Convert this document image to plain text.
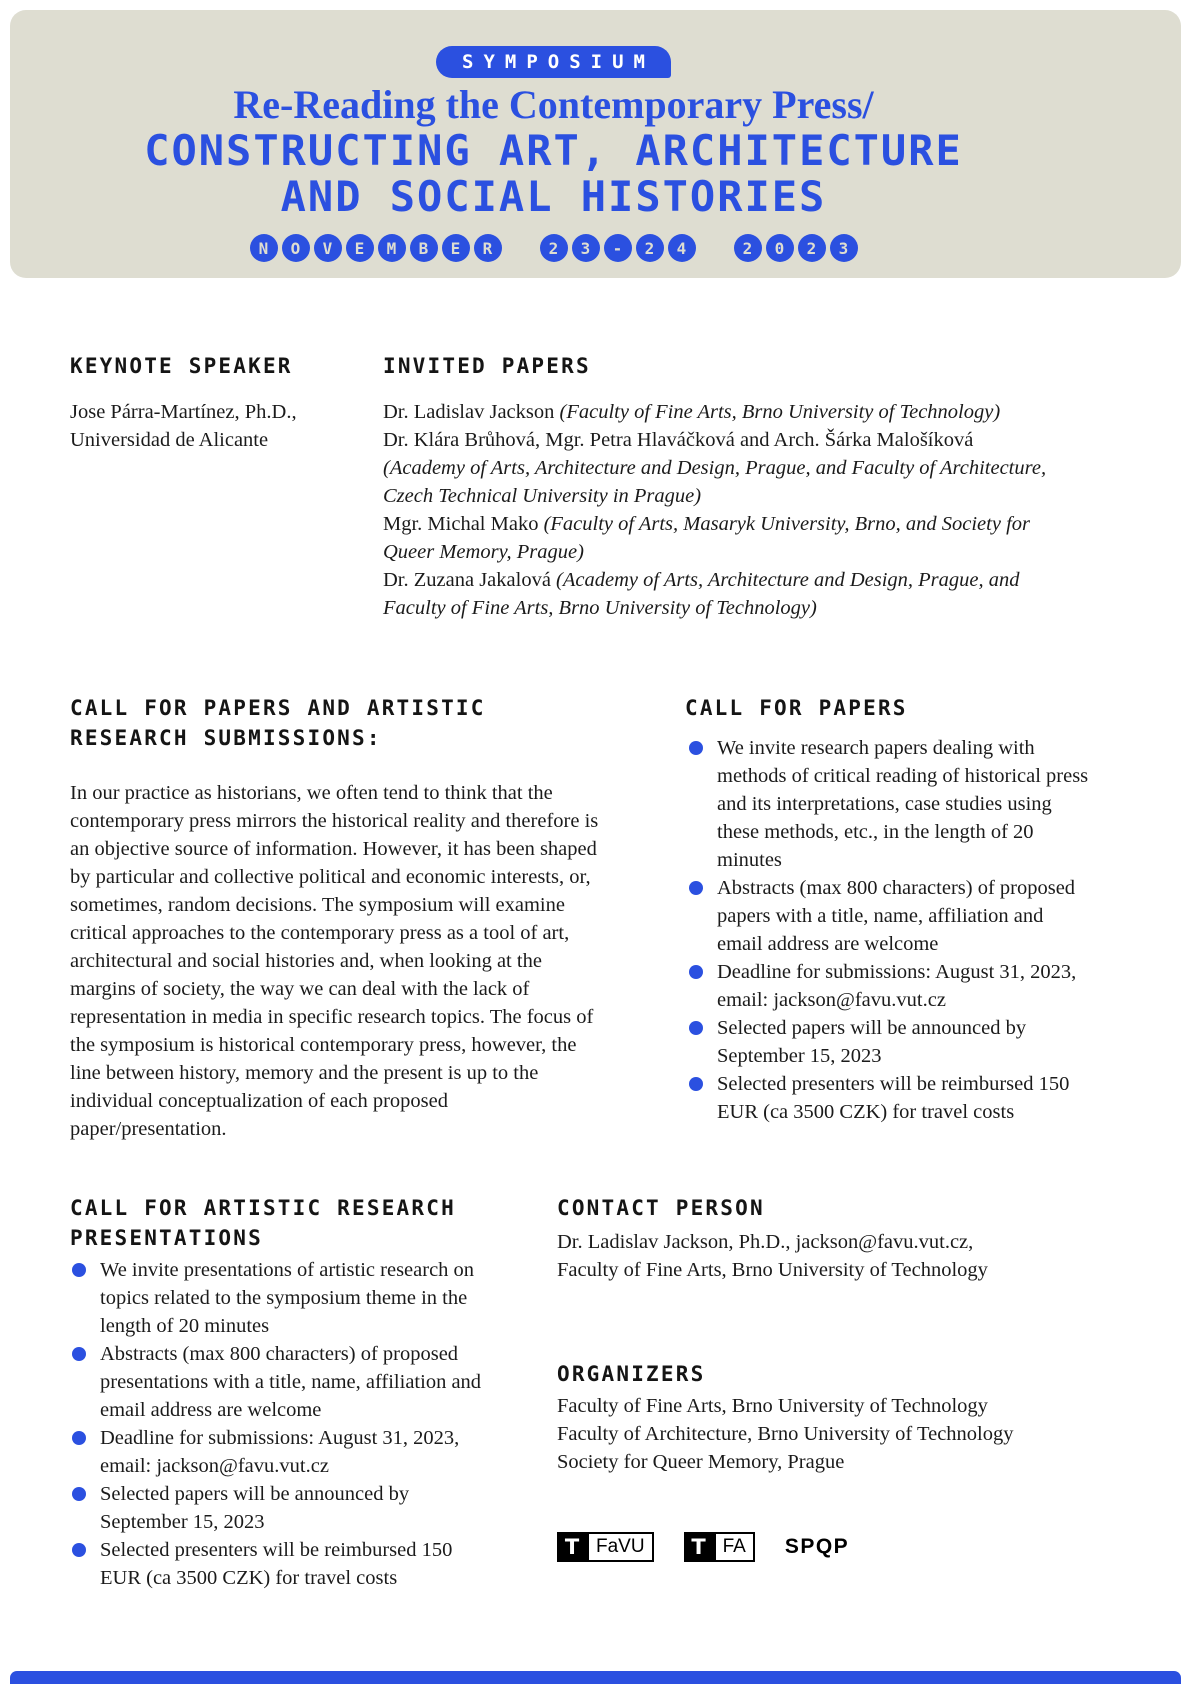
SYMPOSIUM
Re-Reading the Contemporary Press/
CONSTRUCTING ART, ARCHITECTURE
AND SOCIAL HISTORIES
N	O	V	E	M	B	E	R	2	3	-	2	4	2	0	2	3
KEYNOTE SPEAKER
Jose Párra-Martínez, Ph.D.,
Universidad de Alicante
INVITED PAPERS
Dr. Ladislav Jackson (Faculty of Fine Arts, Brno University of Technology)
Dr. Klára Brůhová, Mgr. Petra Hlaváčková and Arch. Šárka Malošíková (Academy of Arts, Architecture and Design, Prague, and Faculty of Architecture, Czech Technical University in Prague)
Mgr. Michal Mako (Faculty of Arts, Masaryk University, Brno, and Society for Queer Memory, Prague)
Dr. Zuzana Jakalová (Academy of Arts, Architecture and Design, Prague, and Faculty of Fine Arts, Brno University of Technology)
CALL FOR PAPERS AND ARTISTIC RESEARCH SUBMISSIONS:

In our practice as historians, we often tend to think that the contemporary press mirrors the historical reality and therefore is an objective source of information. However, it has been shaped by particular and collective political and economic interests, or, sometimes, random decisions. The symposium will examine critical approaches to the contemporary press as a tool of art, architectural and social histories and, when looking at the margins of society, the way we can deal with the lack of representation in media in specific research topics. The focus of the symposium is historical contemporary press, however, the line between history, memory and the present is up to the individual conceptualization of each proposed paper/presentation.

CALL FOR PAPERS
We invite research papers dealing with methods of critical reading of historical press and its interpretations, case studies using these methods, etc., in the length of 20 minutes
Abstracts (max 800 characters) of proposed papers with a title, name, affiliation and email address are welcome
Deadline for submissions: August 31, 2023, email: jackson@favu.vut.cz
Selected papers will be announced by September 15, 2023
Selected presenters will be reimbursed 150 EUR (ca 3500 CZK) for travel costs
CALL FOR ARTISTIC RESEARCH PRESENTATIONS
We invite presentations of artistic research on topics related to the symposium theme in the length of 20 minutes
Abstracts (max 800 characters) of proposed presentations with a title, name, affiliation and email address are welcome
Deadline for submissions: August 31, 2023, email: jackson@favu.vut.cz
Selected papers will be announced by September 15, 2023
Selected presenters will be reimbursed 150 EUR (ca 3500 CZK) for travel costs
CONTACT PERSON
Dr. Ladislav Jackson, Ph.D., jackson@favu.vut.cz,
Faculty of Fine Arts, Brno University of Technology
ORGANIZERS
Faculty of Fine Arts, Brno University of Technology
Faculty of Architecture, Brno University of Technology
Society for Queer Memory, Prague
T FaVU	T FA	SPQP
